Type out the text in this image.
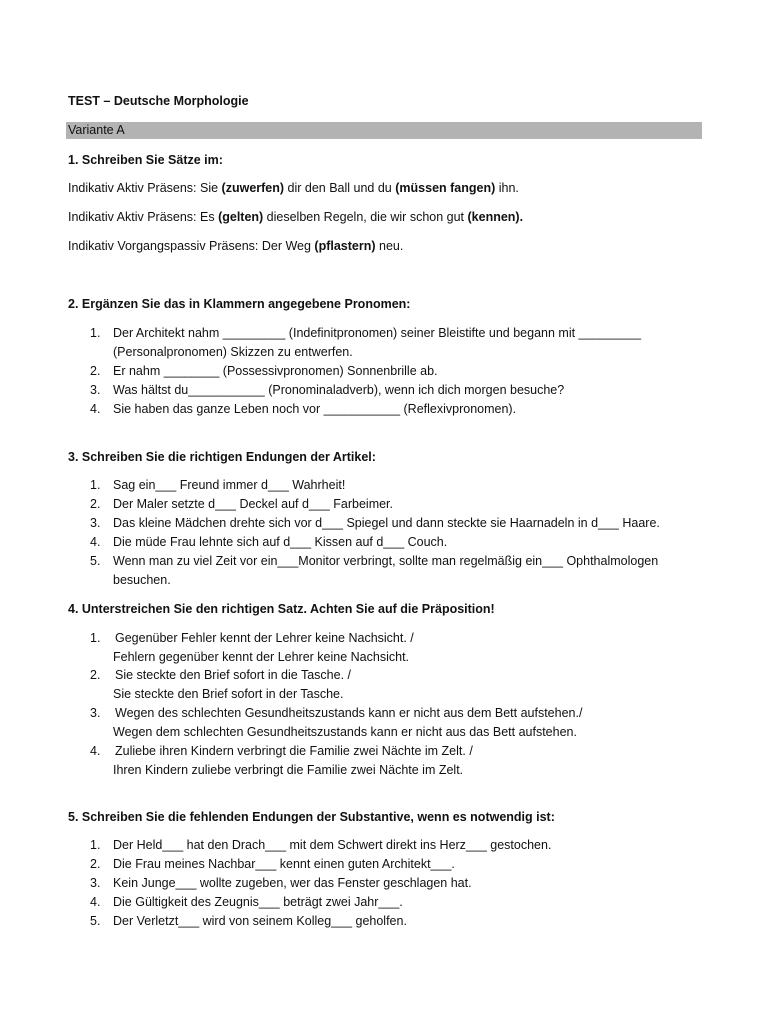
TEST – Deutsche Morphologie
Variante A
1. Schreiben Sie Sätze im:
Indikativ Aktiv Präsens: Sie (zuwerfen) dir den Ball und du (müssen fangen) ihn.
Indikativ Aktiv Präsens: Es (gelten) dieselben Regeln, die wir schon gut (kennen).
Indikativ Vorgangspassiv Präsens: Der Weg (pflastern) neu.
2. Ergänzen Sie das in Klammern angegebene Pronomen:
1.	Der Architekt nahm _________ (Indefinitpronomen) seiner Bleistifte und begann mit _________
(Personalpronomen) Skizzen zu entwerfen.
2.	Er nahm ________ (Possessivpronomen) Sonnenbrille ab.
3.	Was hältst du___________ (Pronominaladverb), wenn ich dich morgen besuche?
4.	Sie haben das ganze Leben noch vor ___________ (Reflexivpronomen).
3. Schreiben Sie die richtigen Endungen der Artikel:
1.	Sag ein___ Freund immer d___ Wahrheit!
2.	Der Maler setzte d___ Deckel auf d___ Farbeimer.
3.	Das kleine Mädchen drehte sich vor d___ Spiegel und dann steckte sie Haarnadeln in d___ Haare.
4.	Die müde Frau lehnte sich auf d___ Kissen auf d___ Couch.
5.	Wenn man zu viel Zeit vor ein___Monitor verbringt, sollte man regelmäßig ein___ Ophthalmologen
besuchen.
4. Unterstreichen Sie den richtigen Satz. Achten Sie auf die Präposition!
1.	Gegenüber Fehler kennt der Lehrer keine Nachsicht. /
Fehlern gegenüber kennt der Lehrer keine Nachsicht.
2.	Sie steckte den Brief sofort in die Tasche. /
Sie steckte den Brief sofort in der Tasche.
3.	Wegen des schlechten Gesundheitszustands kann er nicht aus dem Bett aufstehen./
Wegen dem schlechten Gesundheitszustands kann er nicht aus das Bett aufstehen.
4.	Zuliebe ihren Kindern verbringt die Familie zwei Nächte im Zelt. /
Ihren Kindern zuliebe verbringt die Familie zwei Nächte im Zelt.
5. Schreiben Sie die fehlenden Endungen der Substantive, wenn es notwendig ist:
1.	Der Held___ hat den Drach___ mit dem Schwert direkt ins Herz___ gestochen.
2.	Die Frau meines Nachbar___ kennt einen guten Architekt___.
3.	Kein Junge___ wollte zugeben, wer das Fenster geschlagen hat.
4.	Die Gültigkeit des Zeugnis___ beträgt zwei Jahr___.
5.	Der Verletzt___ wird von seinem Kolleg___ geholfen.
